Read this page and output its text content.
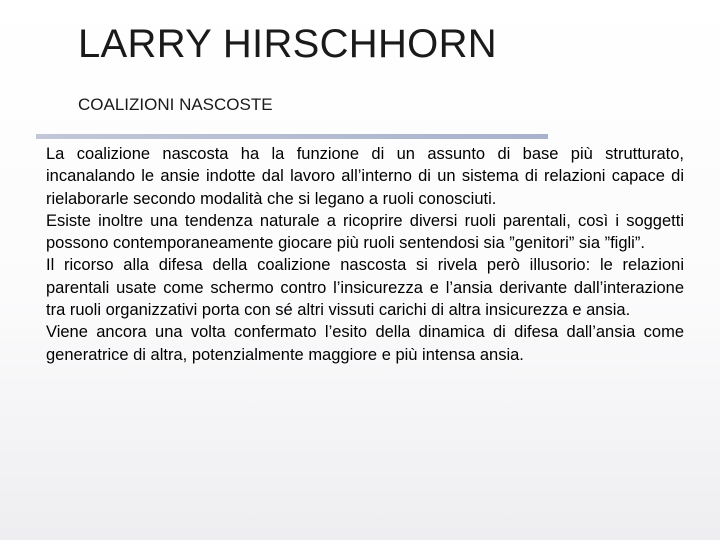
LARRY HIRSCHHORN
COALIZIONI NASCOSTE

La coalizione nascosta ha la funzione di un assunto di base più strutturato, incanalando le ansie indotte dal lavoro all’interno di un sistema di relazioni capace di rielaborarle secondo modalità che si legano a ruoli conosciuti.

Esiste inoltre una tendenza naturale a ricoprire diversi ruoli parentali, così i soggetti possono contemporaneamente giocare più ruoli sentendosi sia ”genitori” sia ”figli”.

Il ricorso alla difesa della coalizione nascosta si rivela però illusorio: le relazioni parentali usate come schermo contro l’insicurezza e l’ansia derivante dall’interazione tra ruoli organizzativi porta con sé altri vissuti carichi di altra insicurezza e ansia.

Viene ancora una volta confermato l’esito della dinamica di difesa dall’ansia come generatrice di altra, potenzialmente maggiore e più intensa ansia.
